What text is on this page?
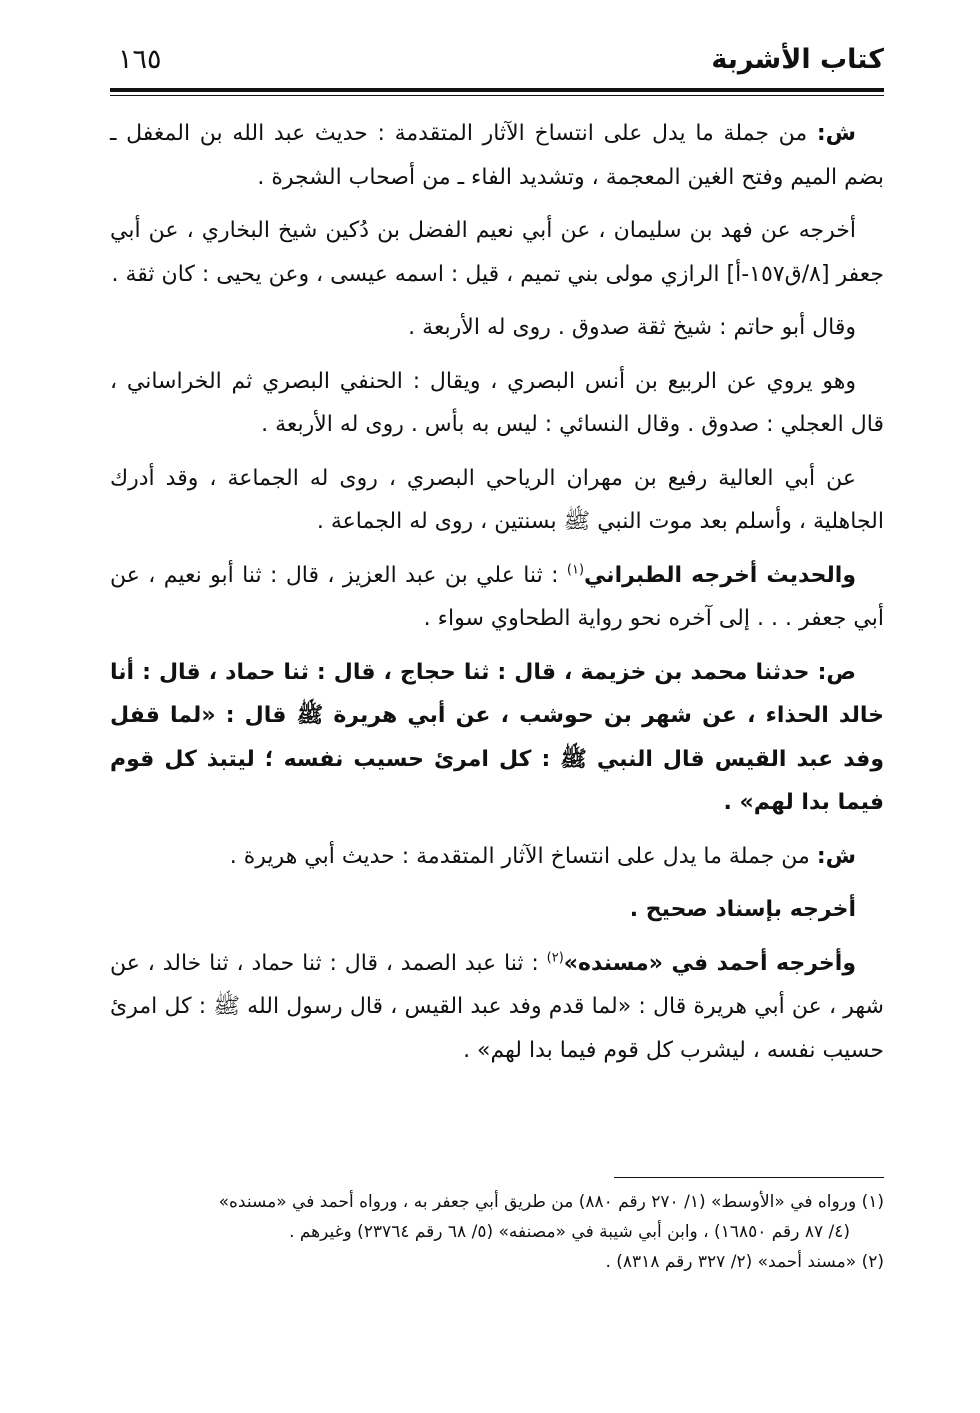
كتاب الأشربة
١٦٥

ش: من جملة ما يدل على انتساخ الآثار المتقدمة : حديث عبد الله بن المغفل ـ بضم الميم وفتح الغين المعجمة ، وتشديد الفاء ـ من أصحاب الشجرة .

أخرجه عن فهد بن سليمان ، عن أبي نعيم الفضل بن دُكين شيخ البخاري ، عن أبي جعفر [٨/ق١٥٧-أ] الرازي مولى بني تميم ، قيل : اسمه عيسى ، وعن يحيى : كان ثقة .

وقال أبو حاتم : شيخ ثقة صدوق . روى له الأربعة .

وهو يروي عن الربيع بن أنس البصري ، ويقال : الحنفي البصري ثم الخراساني ، قال العجلي : صدوق . وقال النسائي : ليس به بأس . روى له الأربعة .

عن أبي العالية رفيع بن مهران الرياحي البصري ، روى له الجماعة ، وقد أدرك الجاهلية ، وأسلم بعد موت النبي ﷺ بسنتين ، روى له الجماعة .

والحديث أخرجه الطبراني$^{(١)}$ : ثنا علي بن عبد العزيز ، قال : ثنا أبو نعيم ، عن أبي جعفر . . . إلى آخره نحو رواية الطحاوي سواء .

ص: حدثنا محمد بن خزيمة ، قال : ثنا حجاج ، قال : ثنا حماد ، قال : أنا خالد الحذاء ، عن شهر بن حوشب ، عن أبي هريرة ﷺ قال : «لما قفل وفد عبد القيس قال النبي ﷺ : كل امرئ حسيب نفسه ؛ ليتبذ كل قوم فيما بدا لهم» .

ش: من جملة ما يدل على انتساخ الآثار المتقدمة : حديث أبي هريرة .

أخرجه بإسناد صحيح .

وأخرجه أحمد في «مسنده»$^{(٢)}$ : ثنا عبد الصمد ، قال : ثنا حماد ، ثنا خالد ، عن شهر ، عن أبي هريرة قال : «لما قدم وفد عبد القيس ، قال رسول الله ﷺ : كل امرئ حسيب نفسه ، ليشرب كل قوم فيما بدا لهم» .

(١) ورواه في «الأوسط» (١/ ٢٧٠ رقم ٨٨٠) من طريق أبي جعفر به ، ورواه أحمد في «مسنده»

(٤/ ٨٧ رقم ١٦٨٥٠) ، وابن أبي شيبة في «مصنفه» (٥/ ٦٨ رقم ٢٣٧٦٤) وغيرهم .

(٢) «مسند أحمد» (٢/ ٣٢٧ رقم ٨٣١٨) .
